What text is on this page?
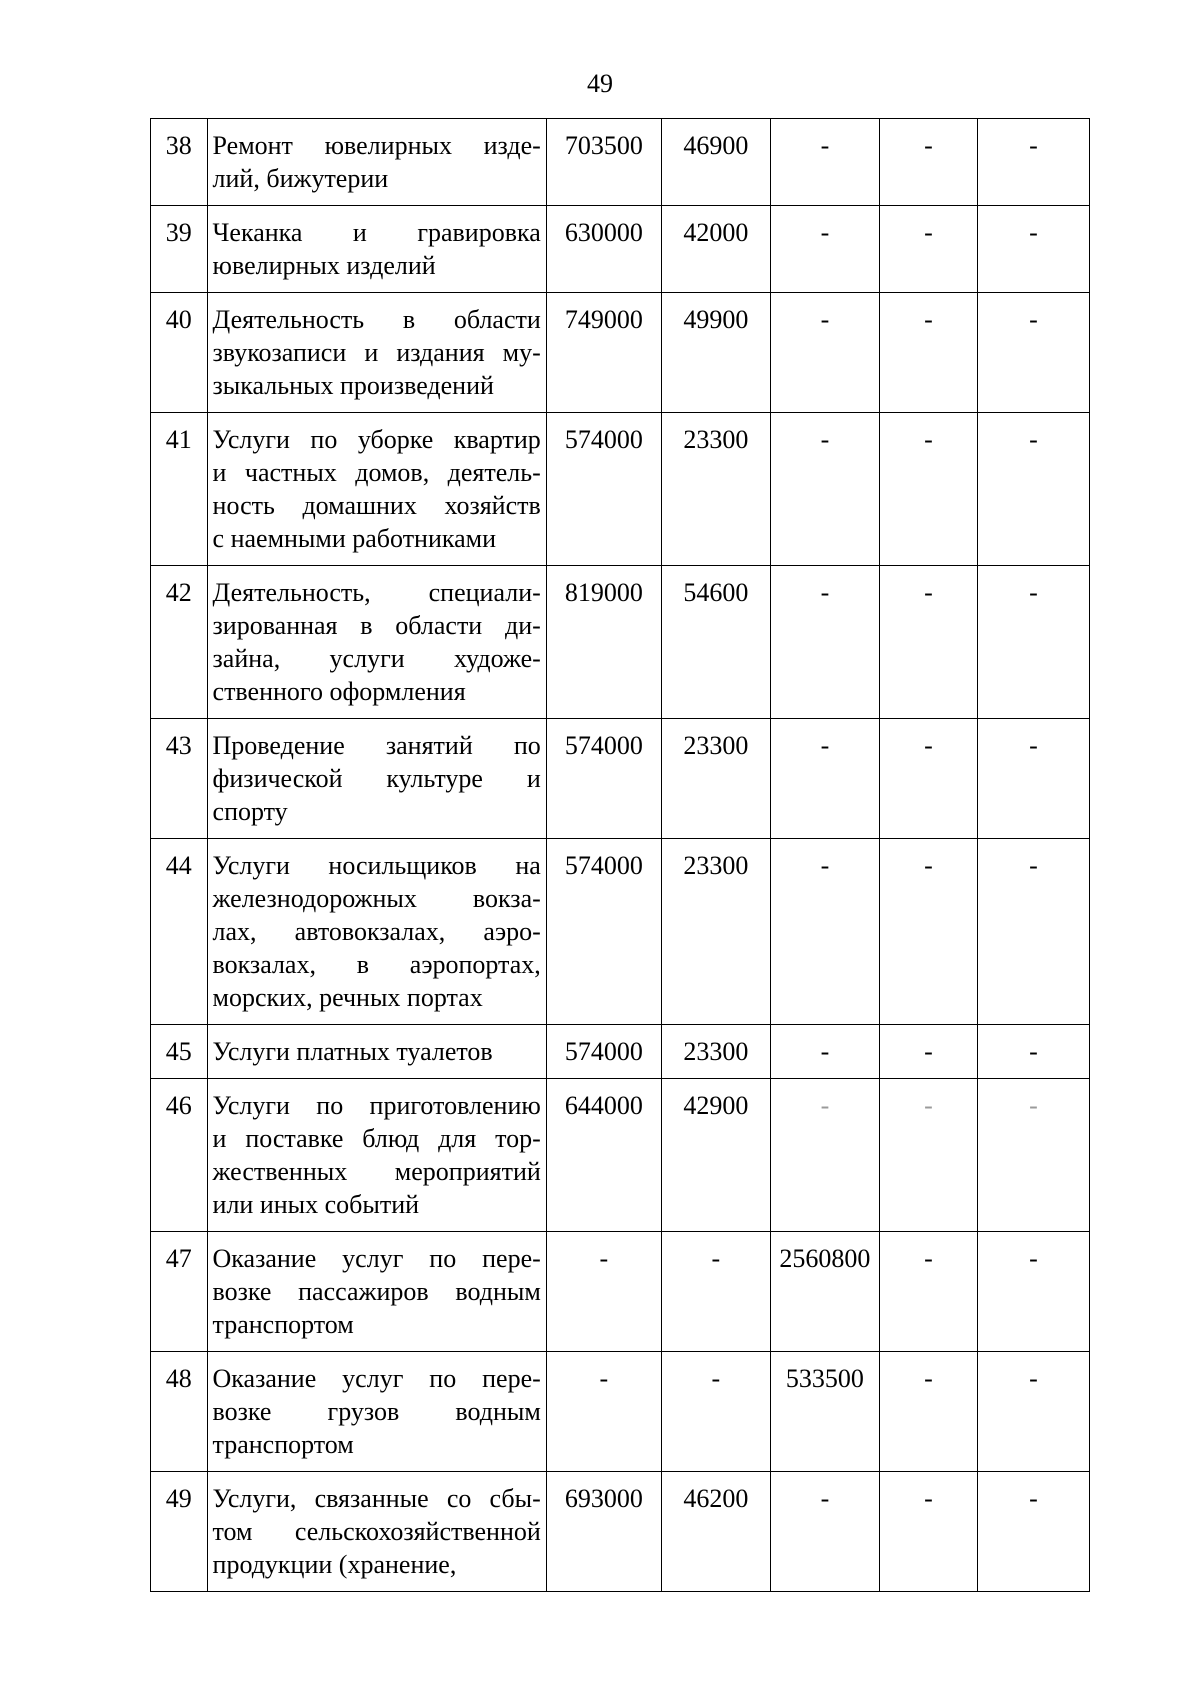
49
38	Ремонт ювелирных изде-
лий, бижутерии	703500	46900	-	-	-
39	Чеканка и гравировка
ювелирных изделий	630000	42000	-	-	-
40	Деятельность в области
звукозаписи и издания му-
зыкальных произведений	749000	49900	-	-	-
41	Услуги по уборке квартир
и частных домов, деятель-
ность домашних хозяйств
с наемными работниками	574000	23300	-	-	-
42	Деятельность, специали-
зированная в области ди-
зайна, услуги художе-
ственного оформления	819000	54600	-	-	-
43	Проведение занятий по
физической культуре и
спорту	574000	23300	-	-	-
44	Услуги носильщиков на
железнодорожных вокза-
лах, автовокзалах, аэро-
вокзалах, в аэропортах,
морских, речных портах	574000	23300	-	-	-
45	Услуги платных туалетов	574000	23300	-	-	-
46	Услуги по приготовлению
и поставке блюд для тор-
жественных мероприятий
или иных событий	644000	42900	-	-	-
47	Оказание услуг по пере-
возке пассажиров водным
транспортом	-	-	2560800	-	-
48	Оказание услуг по пере-
возке грузов водным
транспортом	-	-	533500	-	-
49	Услуги, связанные со сбы-
том сельскохозяйственной
продукции (хранение,	693000	46200	-	-	-
